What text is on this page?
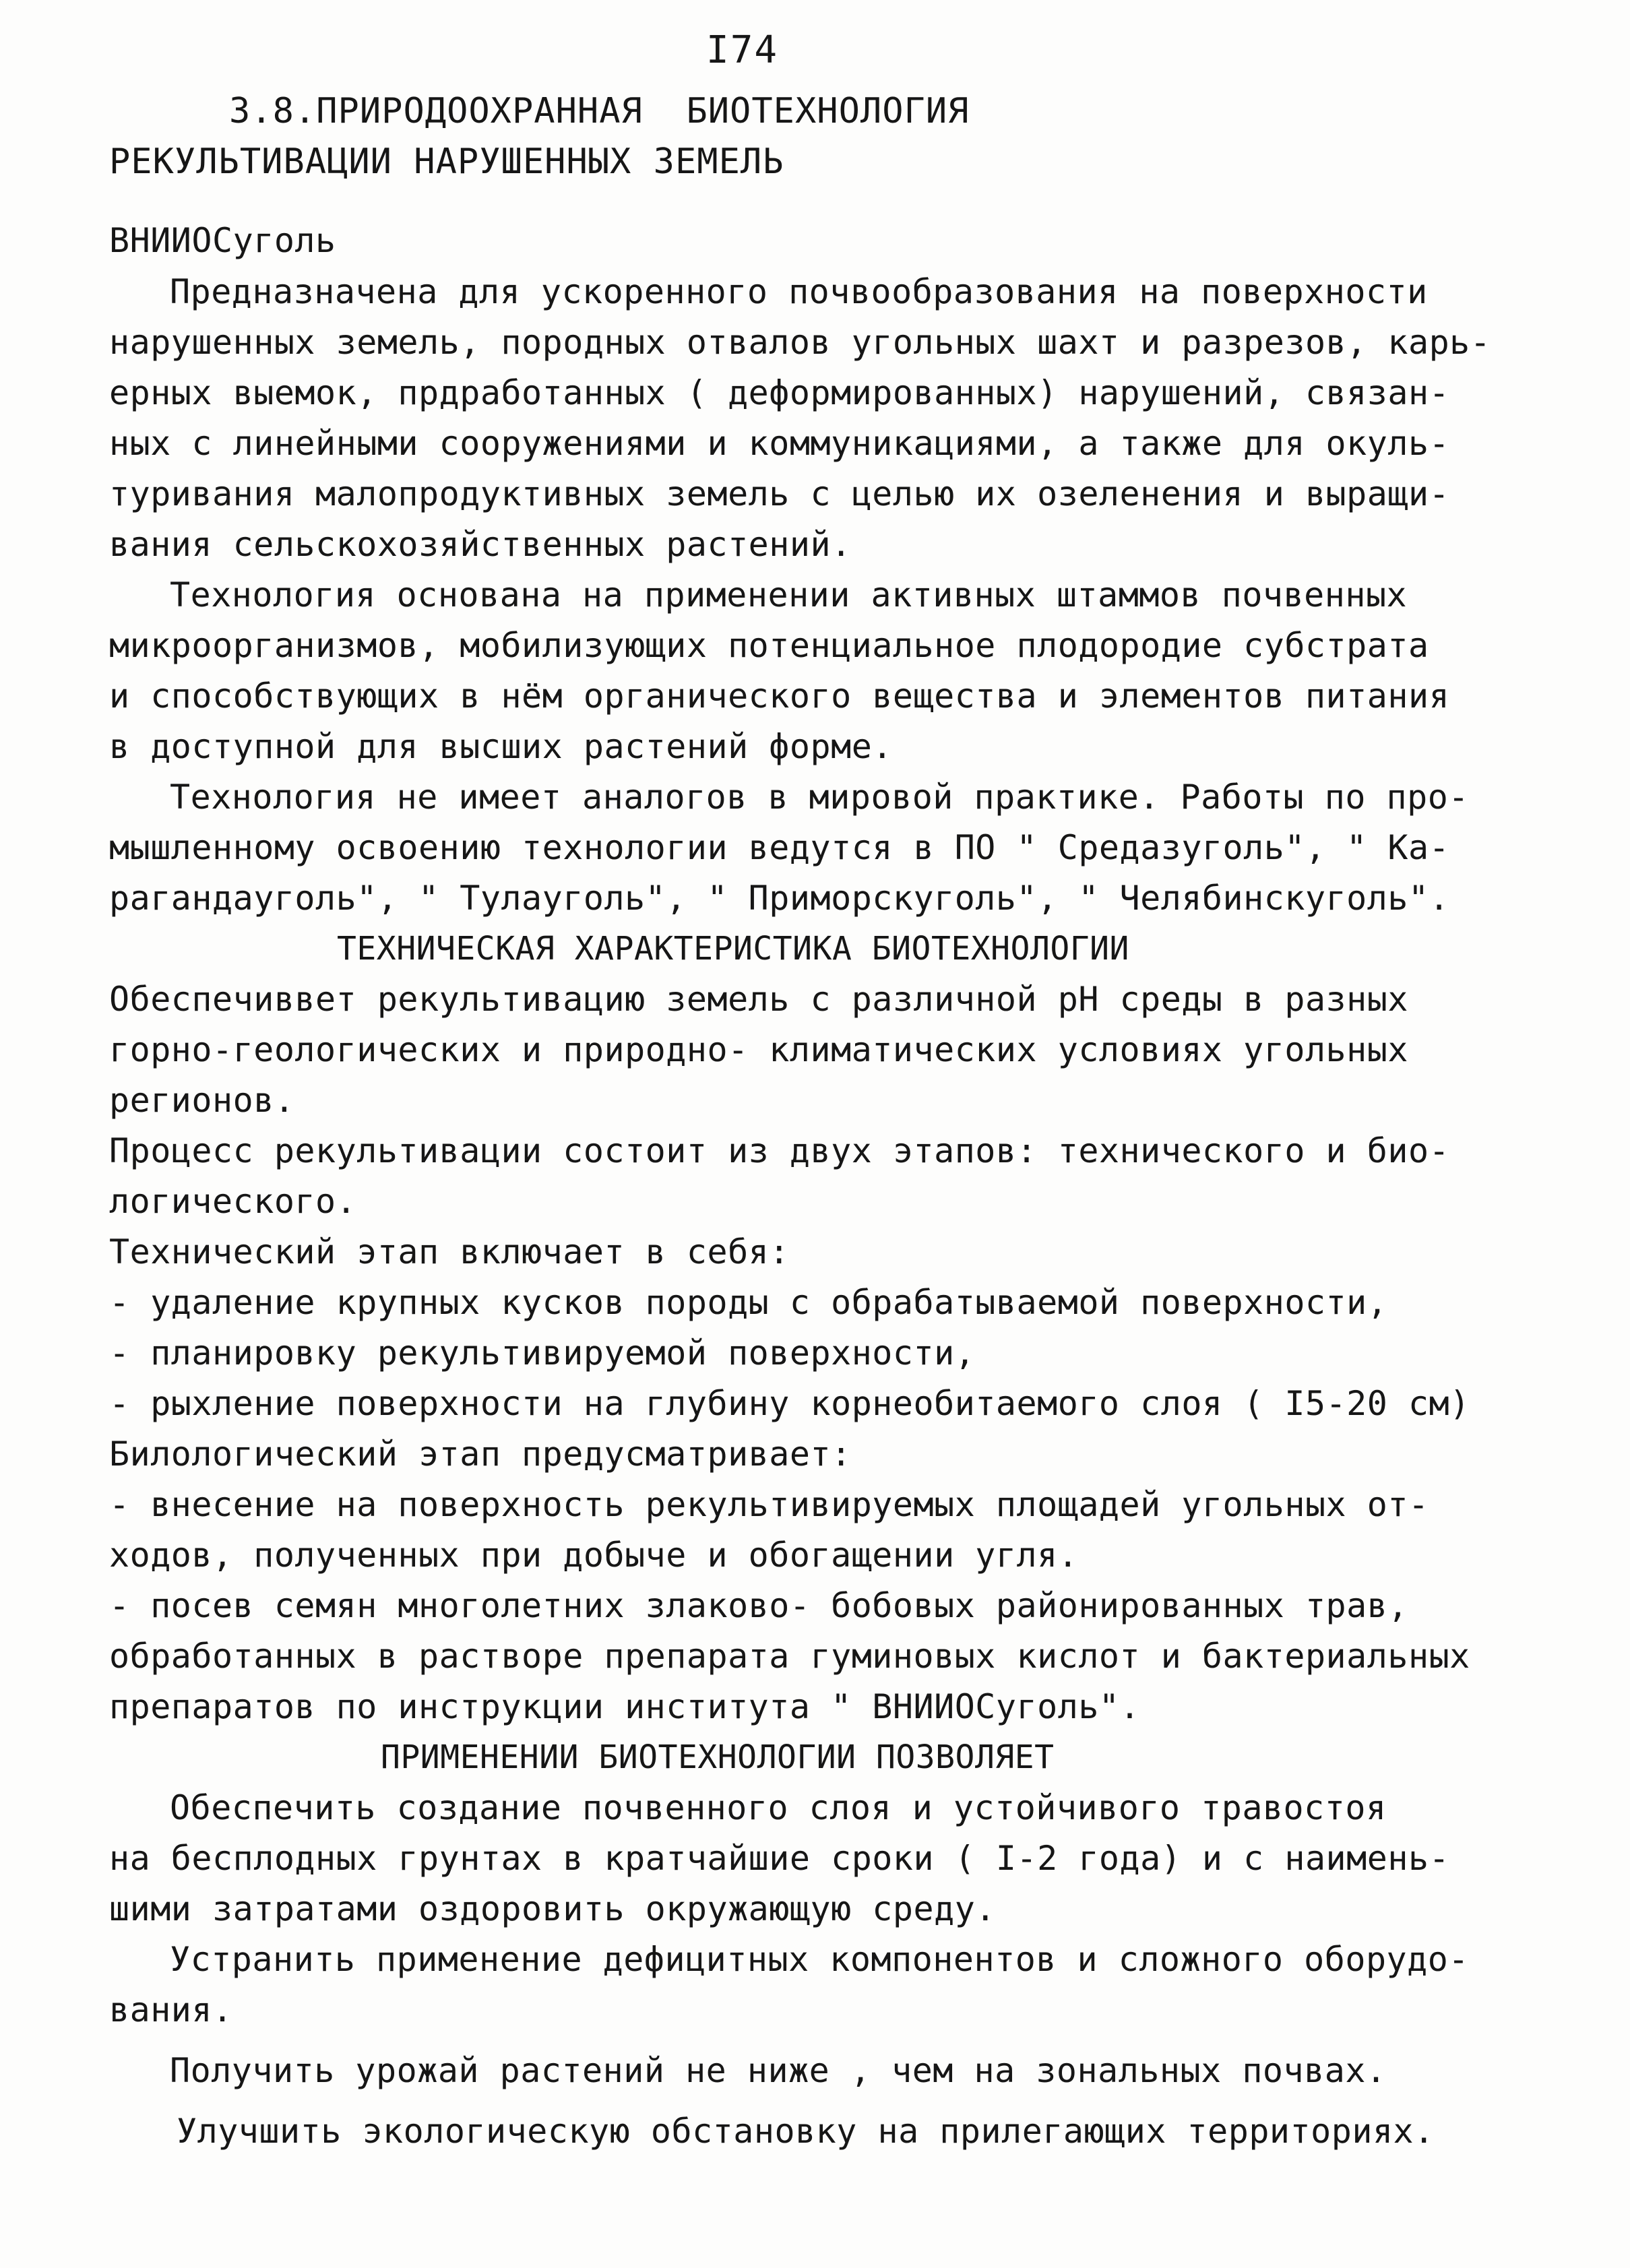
I74
3.8.ПРИРОДООХРАННАЯ  БИОТЕХНОЛОГИЯ
РЕКУЛЬТИВАЦИИ НАРУШЕННЫХ ЗЕМЕЛЬ
ВНИИОСуголь
Предназначена для ускоренного почвообразования на поверхности
нарушенных земель, породных отвалов угольных шахт и разрезов, карь-
ерных выемок, прдработанных ( деформированных) нарушений, связан-
ных с линейными сооружениями и коммуникациями, а также для окуль-
туривания малопродуктивных земель с целью их озеленения и выращи-
вания сельскохозяйственных растений.
Технология основана на применении активных штаммов почвенных
микроорганизмов, мобилизующих потенциальное плодородие субстрата
и способствующих в нём органического вещества и элементов питания
в доступной для высших растений форме.
Технология не имеет аналогов в мировой практике. Работы по про-
мышленному освоению технологии ведутся в ПО " Средазуголь", " Ка-
рагандауголь", " Тулауголь", " Приморскуголь", " Челябинскуголь".
ТЕХНИЧЕСКАЯ ХАРАКТЕРИСТИКА БИОТЕХНОЛОГИИ
Обеспечиввет рекультивацию земель с различной pH среды в разных
горно-геологических и природно- климатических условиях угольных
регионов.
Процесс рекультивации состоит из двух этапов: технического и био-
логического.
Технический этап включает в себя:
- удаление крупных кусков породы с обрабатываемой поверхности,
- планировку рекультивируемой поверхности,
- рыхление поверхности на глубину корнеобитаемого слоя ( I5-20 см)
Билологический этап предусматривает:
- внесение на поверхность рекультивируемых площадей угольных от-
ходов, полученных при добыче и обогащении угля.
- посев семян многолетних злаково- бобовых районированных трав,
обработанных в растворе препарата гуминовых кислот и бактериальных
препаратов по инструкции института " ВНИИОСуголь".
ПРИМЕНЕНИИ БИОТЕХНОЛОГИИ ПОЗВОЛЯЕТ
Обеспечить создание почвенного слоя и устойчивого травостоя
на бесплодных грунтах в кратчайшие сроки ( I-2 года) и с наимень-
шими затратами оздоровить окружающую среду.
Устранить применение дефицитных компонентов и сложного оборудо-
вания.
Получить урожай растений не ниже , чем на зональных почвах.
Улучшить экологическую обстановку на прилегающих территориях.
